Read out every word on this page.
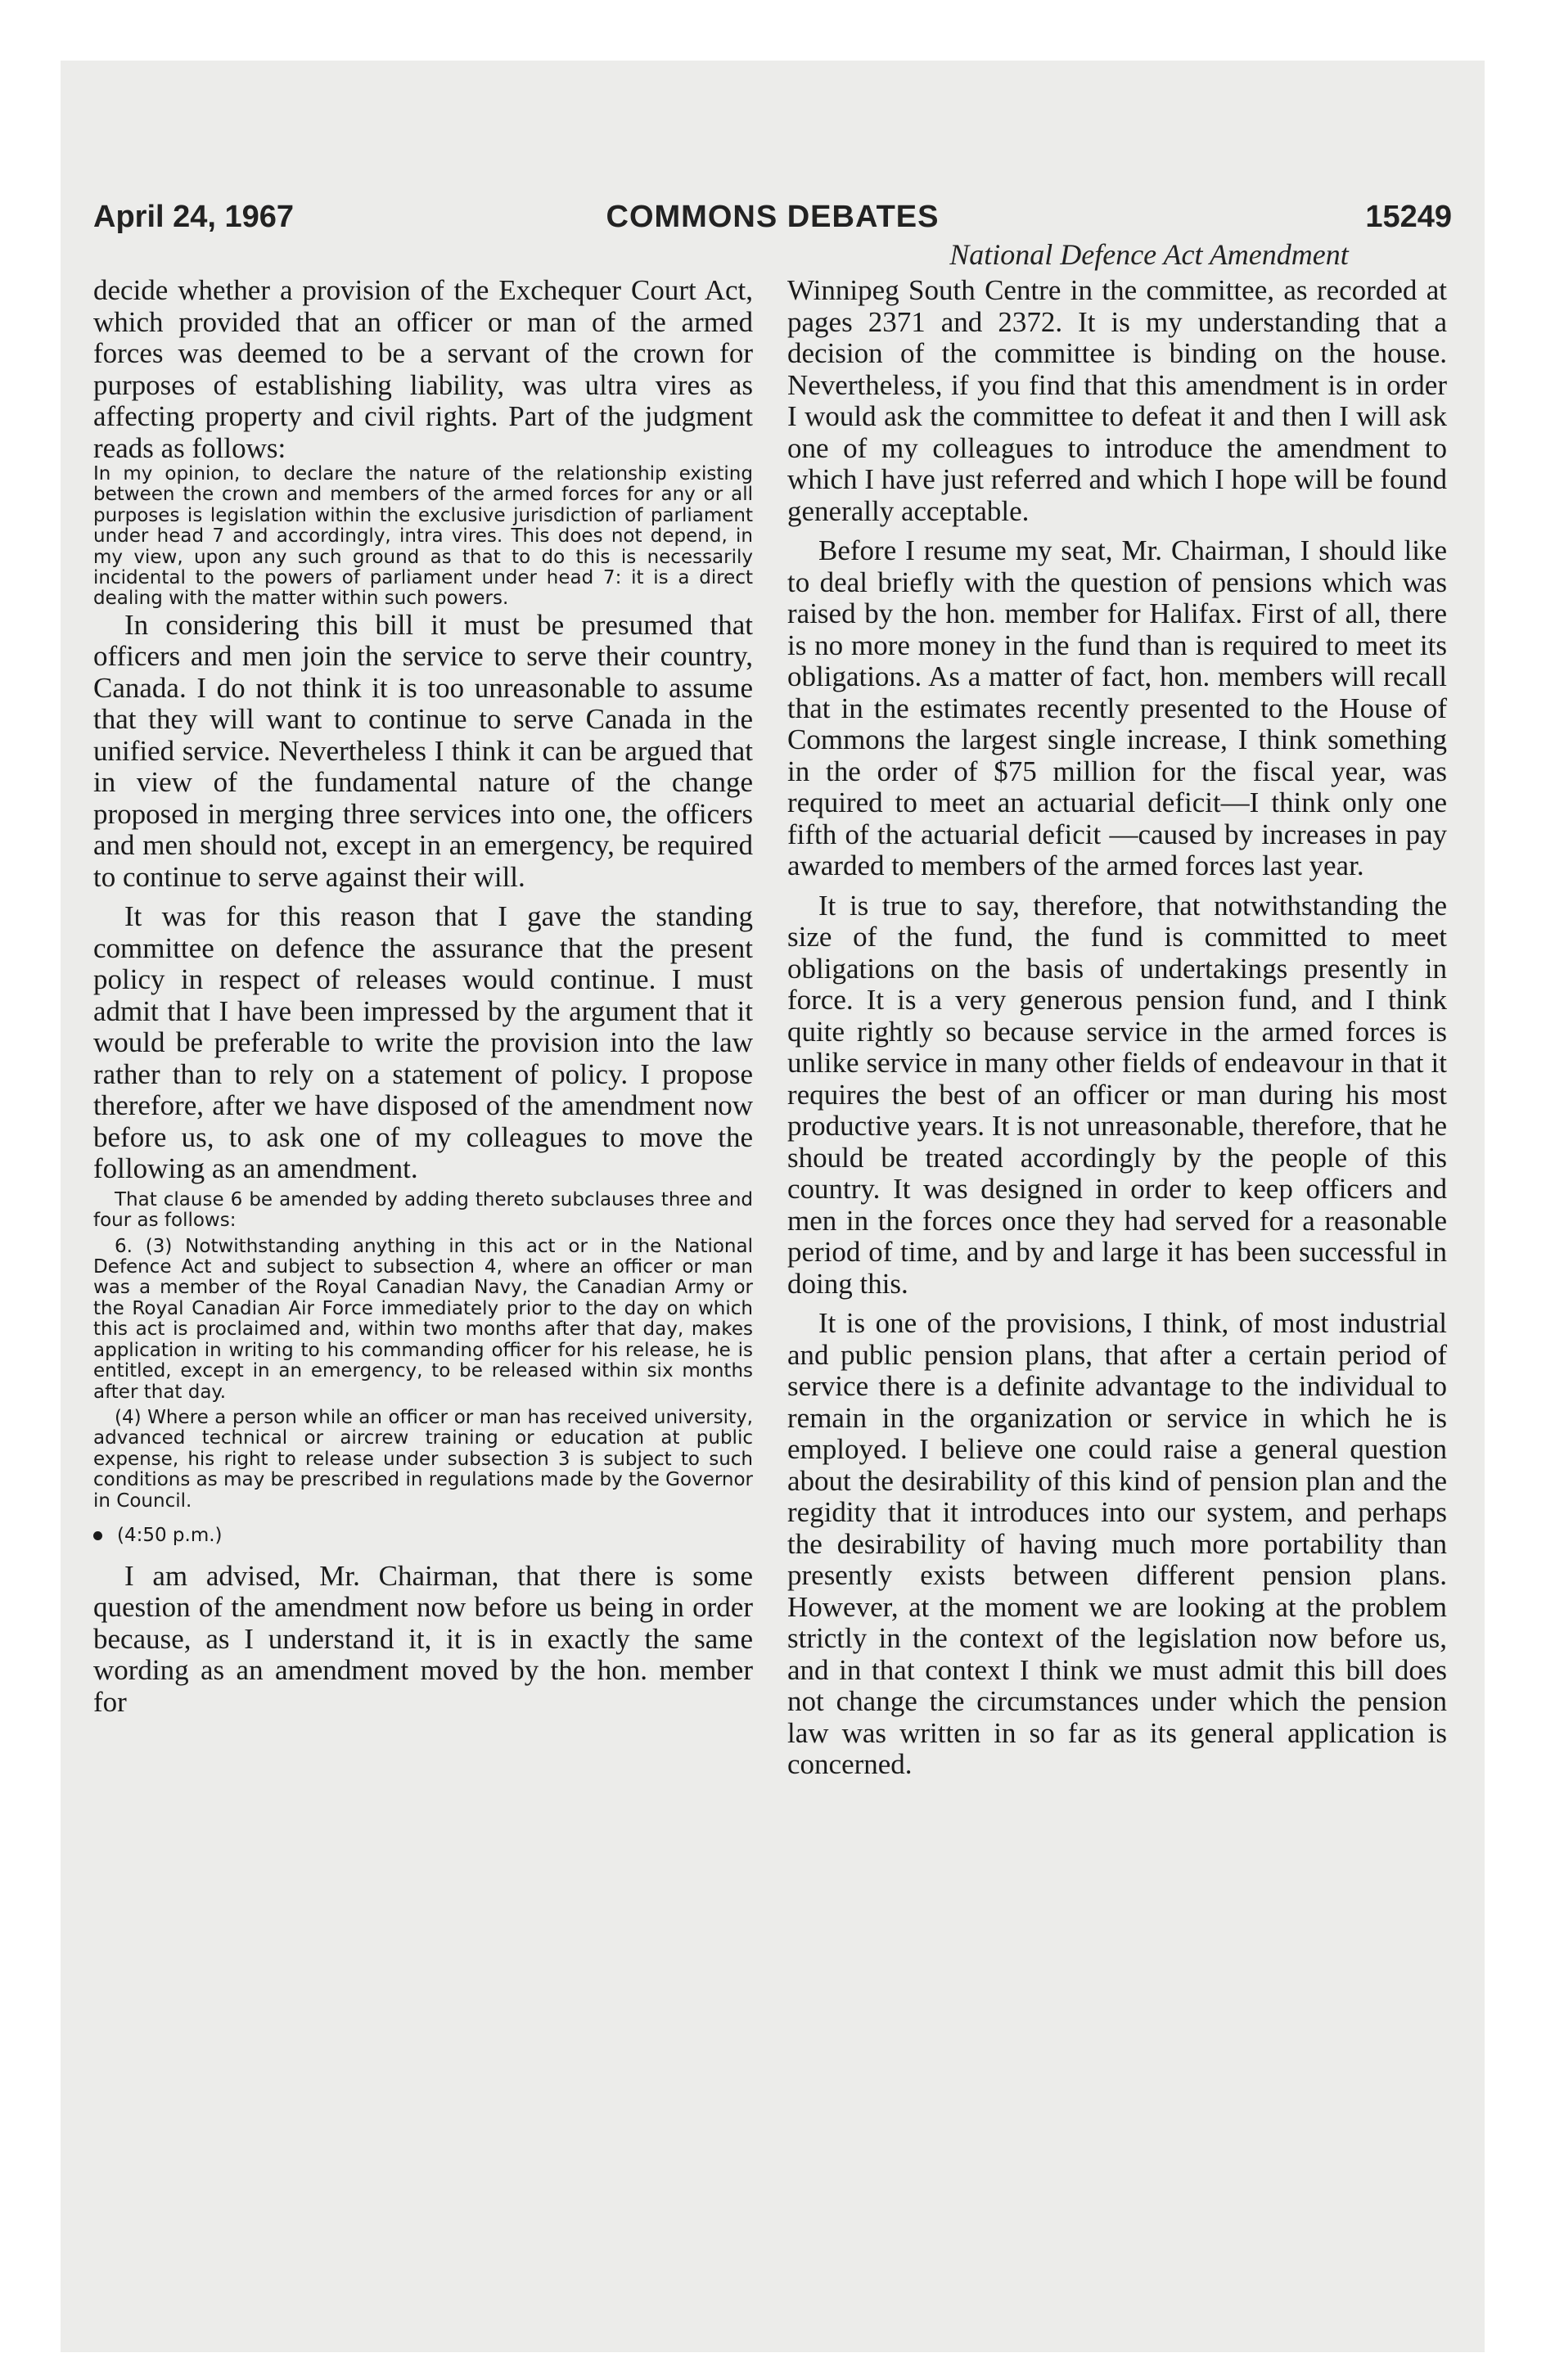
April 24, 1967	COMMONS DEBATES	15249
National Defence Act Amendment

decide whether a provision of the Exchequer Court Act, which provided that an officer or man of the armed forces was deemed to be a servant of the crown for purposes of establishing liability, was ultra vires as affecting property and civil rights. Part of the judgment reads as follows:

In my opinion, to declare the nature of the relationship existing between the crown and members of the armed forces for any or all purposes is legislation within the exclusive jurisdiction of parliament under head 7 and accordingly, intra vires. This does not depend, in my view, upon any such ground as that to do this is necessarily incidental to the powers of parliament under head 7: it is a direct dealing with the matter within such powers.

In considering this bill it must be presumed that officers and men join the service to serve their country, Canada. I do not think it is too unreasonable to assume that they will want to continue to serve Canada in the unified service. Nevertheless I think it can be argued that in view of the fundamental nature of the change proposed in merging three services into one, the officers and men should not, except in an emergency, be required to continue to serve against their will.

It was for this reason that I gave the standing committee on defence the assurance that the present policy in respect of releases would continue. I must admit that I have been impressed by the argument that it would be preferable to write the provision into the law rather than to rely on a statement of policy. I propose therefore, after we have disposed of the amendment now before us, to ask one of my colleagues to move the following as an amendment.

That clause 6 be amended by adding thereto subclauses three and four as follows:

6. (3) Notwithstanding anything in this act or in the National Defence Act and subject to subsection 4, where an officer or man was a member of the Royal Canadian Navy, the Canadian Army or the Royal Canadian Air Force immediately prior to the day on which this act is proclaimed and, within two months after that day, makes application in writing to his commanding officer for his release, he is entitled, except in an emergency, to be released within six months after that day.

(4) Where a person while an officer or man has received university, advanced technical or aircrew training or education at public expense, his right to release under subsection 3 is subject to such conditions as may be prescribed in regulations made by the Governor in Council.

(4:50 p.m.)

I am advised, Mr. Chairman, that there is some question of the amendment now before us being in order because, as I understand it, it is in exactly the same wording as an amendment moved by the hon. member for

Winnipeg South Centre in the committee, as recorded at pages 2371 and 2372. It is my understanding that a decision of the committee is binding on the house. Nevertheless, if you find that this amendment is in order I would ask the committee to defeat it and then I will ask one of my colleagues to introduce the amendment to which I have just referred and which I hope will be found generally acceptable.

Before I resume my seat, Mr. Chairman, I should like to deal briefly with the question of pensions which was raised by the hon. member for Halifax. First of all, there is no more money in the fund than is required to meet its obligations. As a matter of fact, hon. members will recall that in the estimates recently presented to the House of Commons the largest single increase, I think something in the order of $75 million for the fiscal year, was required to meet an actuarial deficit—I think only one fifth of the actuarial deficit —caused by increases in pay awarded to members of the armed forces last year.

It is true to say, therefore, that notwithstanding the size of the fund, the fund is committed to meet obligations on the basis of undertakings presently in force. It is a very generous pension fund, and I think quite rightly so because service in the armed forces is unlike service in many other fields of endeavour in that it requires the best of an officer or man during his most productive years. It is not unreasonable, therefore, that he should be treated accordingly by the people of this country. It was designed in order to keep officers and men in the forces once they had served for a reasonable period of time, and by and large it has been successful in doing this.

It is one of the provisions, I think, of most industrial and public pension plans, that after a certain period of service there is a definite advantage to the individual to remain in the organization or service in which he is employed. I believe one could raise a general question about the desirability of this kind of pension plan and the regidity that it introduces into our system, and perhaps the desirability of having much more portability than presently exists between different pension plans. However, at the moment we are looking at the problem strictly in the context of the legislation now before us, and in that context I think we must admit this bill does not change the circumstances under which the pension law was written in so far as its general application is concerned.
